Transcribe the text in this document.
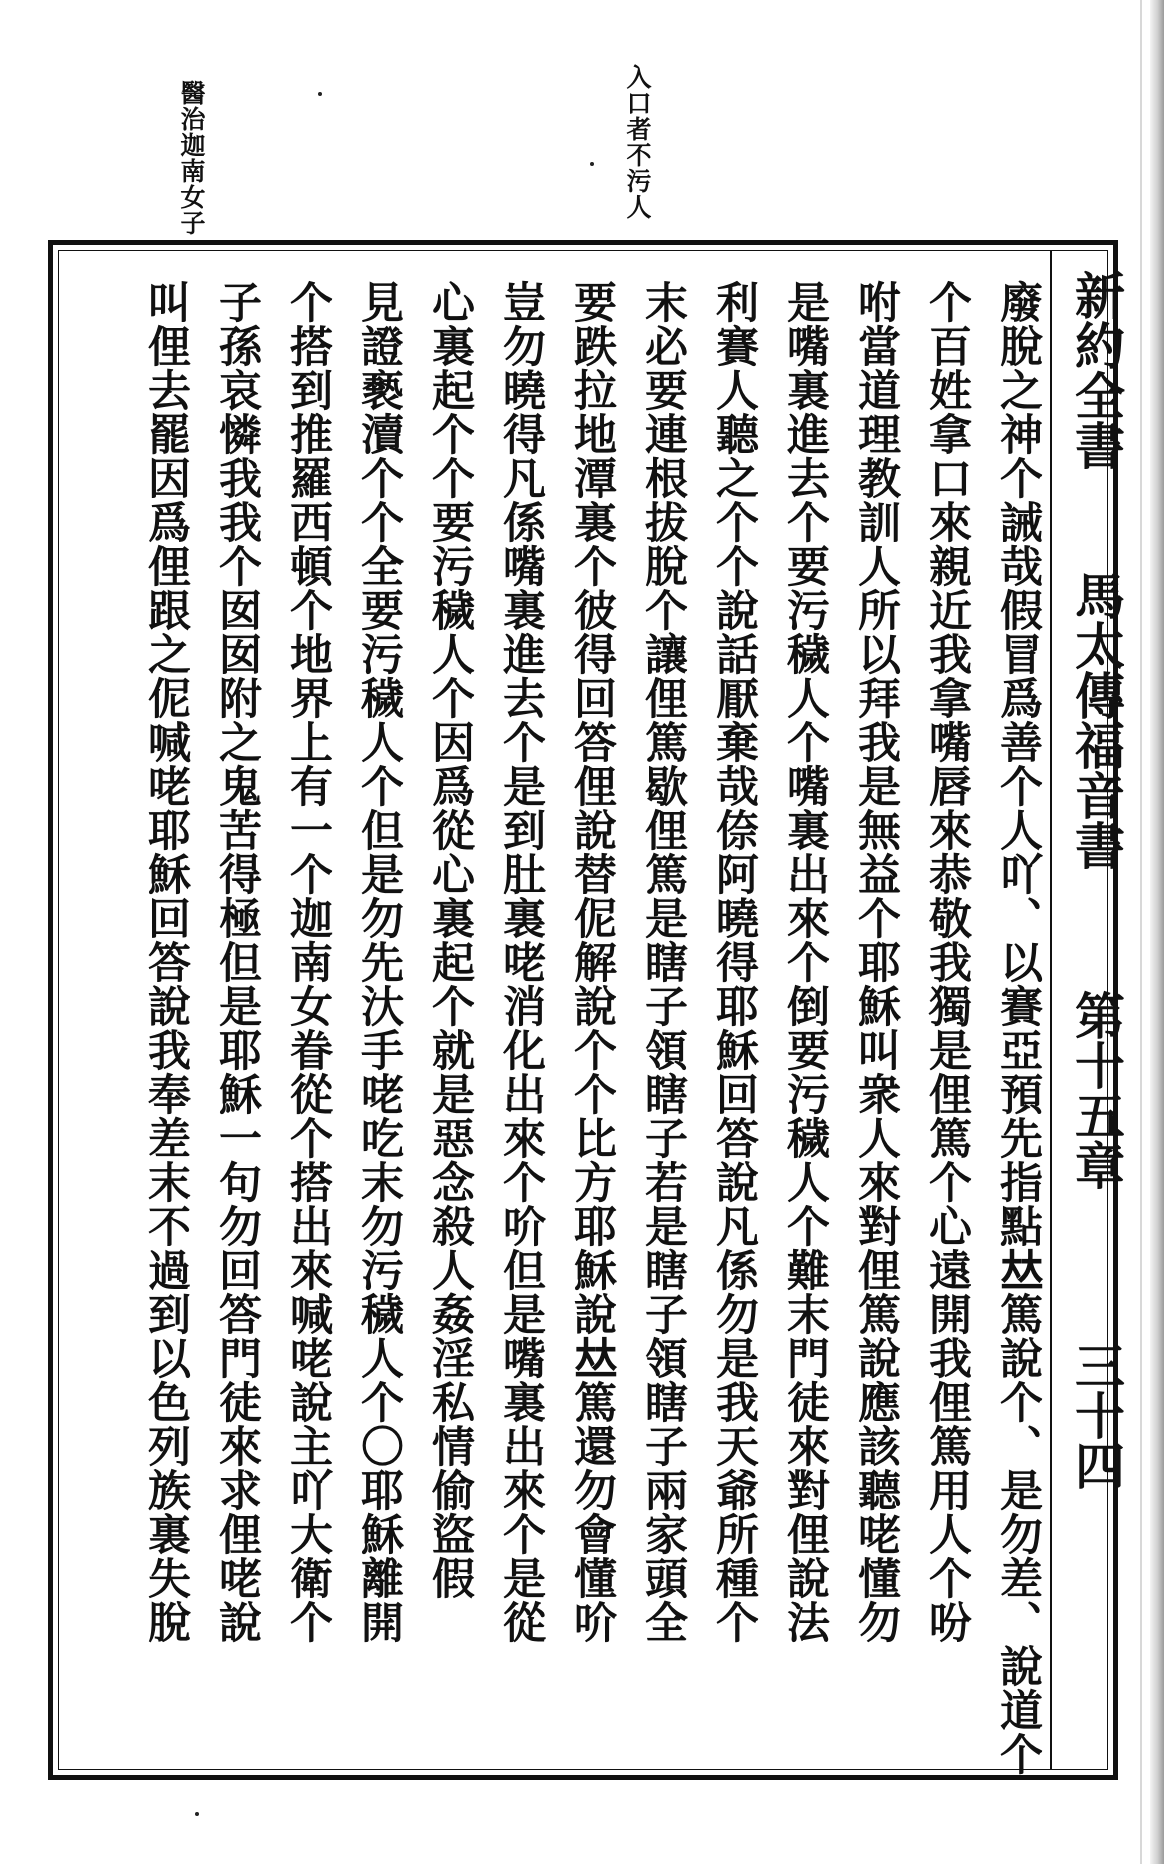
入口者不污人
醫治迦南女子
新約全書
馬太傳福音書
第十五章
三十四
廢脫之神个誡哉假冒爲善个人吖、以賽亞預先指點𠀤篤說个、是勿差、說道个
个百姓拿口來親近我拿嘴唇來恭敬我獨是俚篤个心遠開我俚篤用人个吩
咐當道理教訓人所以拜我是無益个耶穌叫衆人來對俚篤說應該聽咾懂勿
是嘴裏進去个要污穢人个嘴裏出來个倒要污穢人个難末門徒來對俚說法
利賽人聽之个个說話厭棄哉倷阿曉得耶穌回答說凡係勿是我天爺所種个
末必要連根拔脫个讓俚篤歇俚篤是瞎子領瞎子若是瞎子領瞎子兩家頭全
要跌拉地潭裏个彼得回答俚說替伲解說个个比方耶穌說𠀤篤還勿會懂吤
豈勿曉得凡係嘴裏進去个是到肚裏咾消化出來个吤但是嘴裏出來个是從
心裏起个个要污穢人个因爲從心裏起个就是惡念殺人姦淫私情偷盜假
見證褻瀆个个全要污穢人个但是勿先汏手咾吃末勿污穢人个〇耶穌離開
个搭到推羅西頓个地界上有一个迦南女眷從个搭出來喊咾說主吖大衛个
子孫哀憐我我个囡囡附之鬼苦得極但是耶穌一句勿回答門徒來求俚咾說
叫俚去罷因爲俚跟之伲喊咾耶穌回答說我奉差末不過到以色列族裏失脫
